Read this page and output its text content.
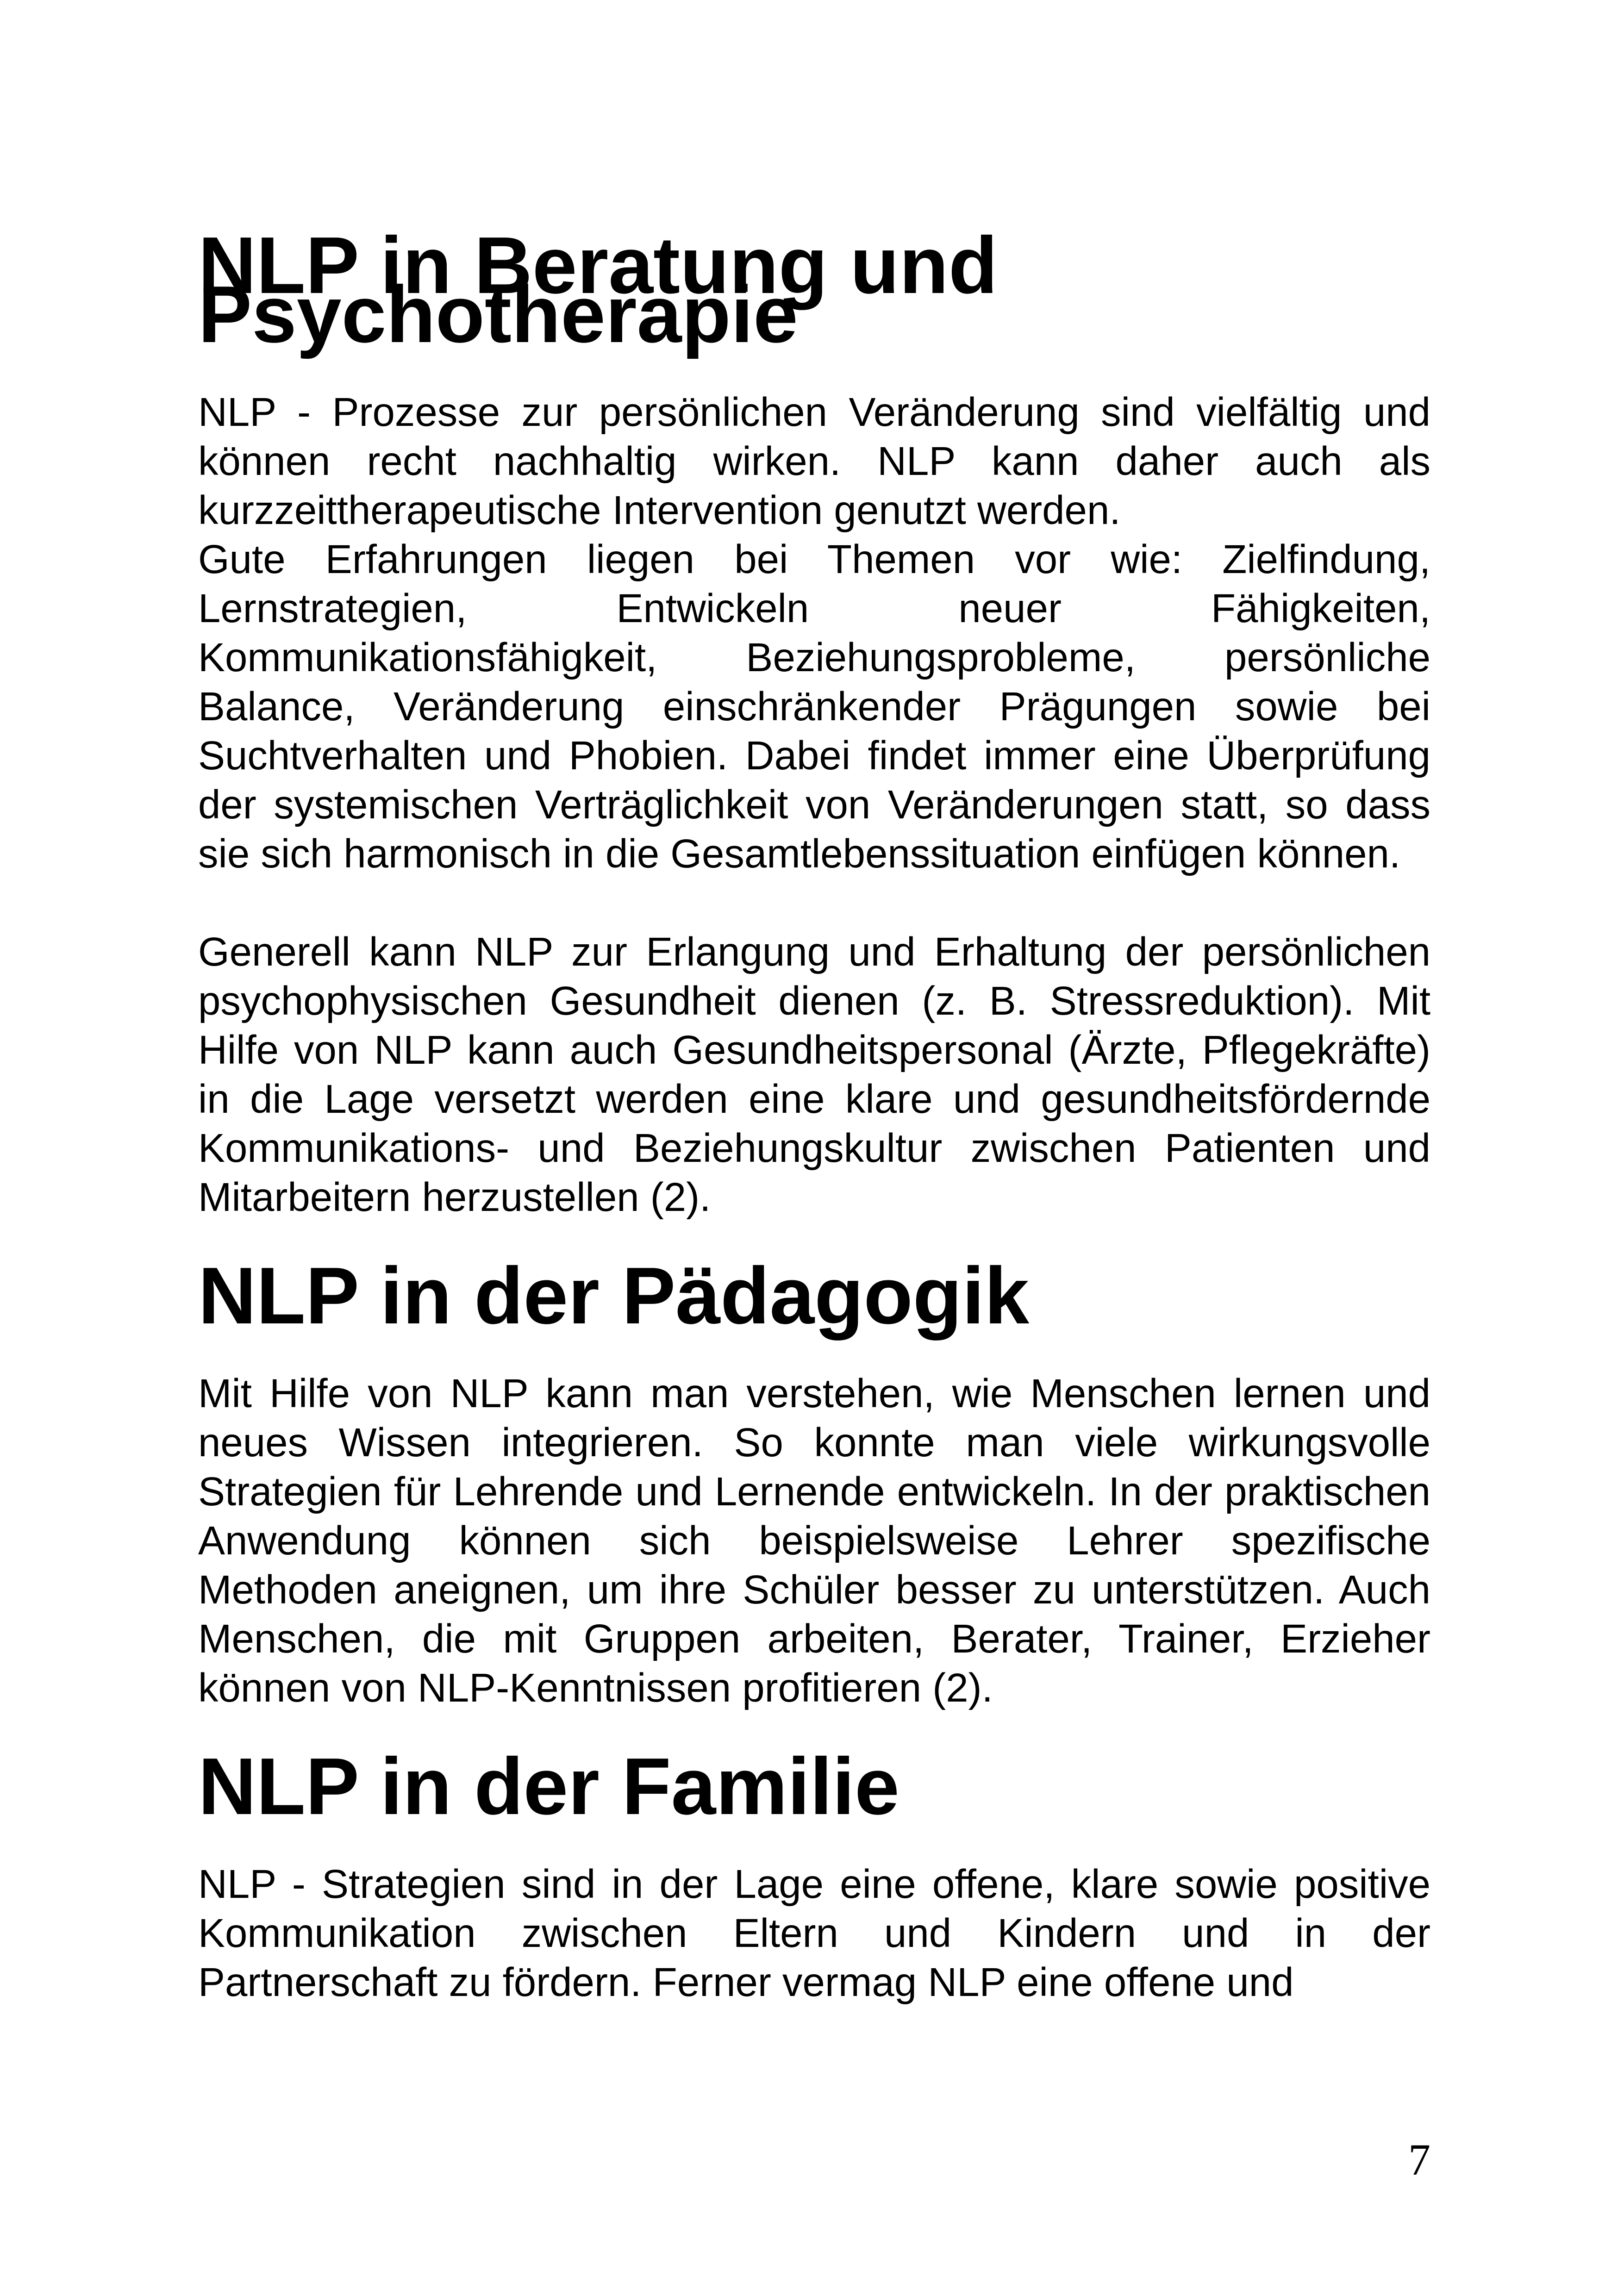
NLP in Beratung und Psychotherapie

NLP - Prozesse zur persönlichen Veränderung sind vielfältig und können recht nachhaltig wirken. NLP kann daher auch als kurzzeittherapeutische Intervention genutzt werden.

Gute Erfahrungen liegen bei Themen vor wie: Zielfindung, Lernstrategien, Entwickeln neuer Fähigkeiten, Kommunikationsfähigkeit, Beziehungsprobleme, persönliche Balance, Veränderung einschränkender Prägungen sowie bei Suchtverhalten und Phobien. Dabei findet immer eine Überprüfung der systemischen Verträglichkeit von Veränderungen statt, so dass sie sich harmonisch in die Gesamtlebenssituation einfügen können.

Generell kann NLP zur Erlangung und Erhaltung der persönlichen psychophysischen Gesundheit dienen (z. B. Stressreduktion). Mit Hilfe von NLP kann auch Gesundheitspersonal (Ärzte, Pflegekräfte) in die Lage versetzt werden eine klare und gesundheitsfördernde Kommunikations- und Beziehungskultur zwischen Patienten und Mitarbeitern herzustellen (2).

NLP in der Pädagogik

Mit Hilfe von NLP kann man verstehen, wie Menschen lernen und neues Wissen integrieren. So konnte man viele wirkungsvolle Strategien für Lehrende und Lernende entwickeln. In der praktischen Anwendung können sich beispielsweise Lehrer spezifische Methoden aneignen, um ihre Schüler besser zu unterstützen. Auch Menschen, die mit Gruppen arbeiten, Berater, Trainer, Erzieher können von NLP-Kenntnissen profitieren (2).

NLP in der Familie

NLP - Strategien sind in der Lage eine offene, klare sowie positive Kommunikation zwischen Eltern und Kindern und in der Partnerschaft zu fördern. Ferner vermag NLP eine offene und

7
